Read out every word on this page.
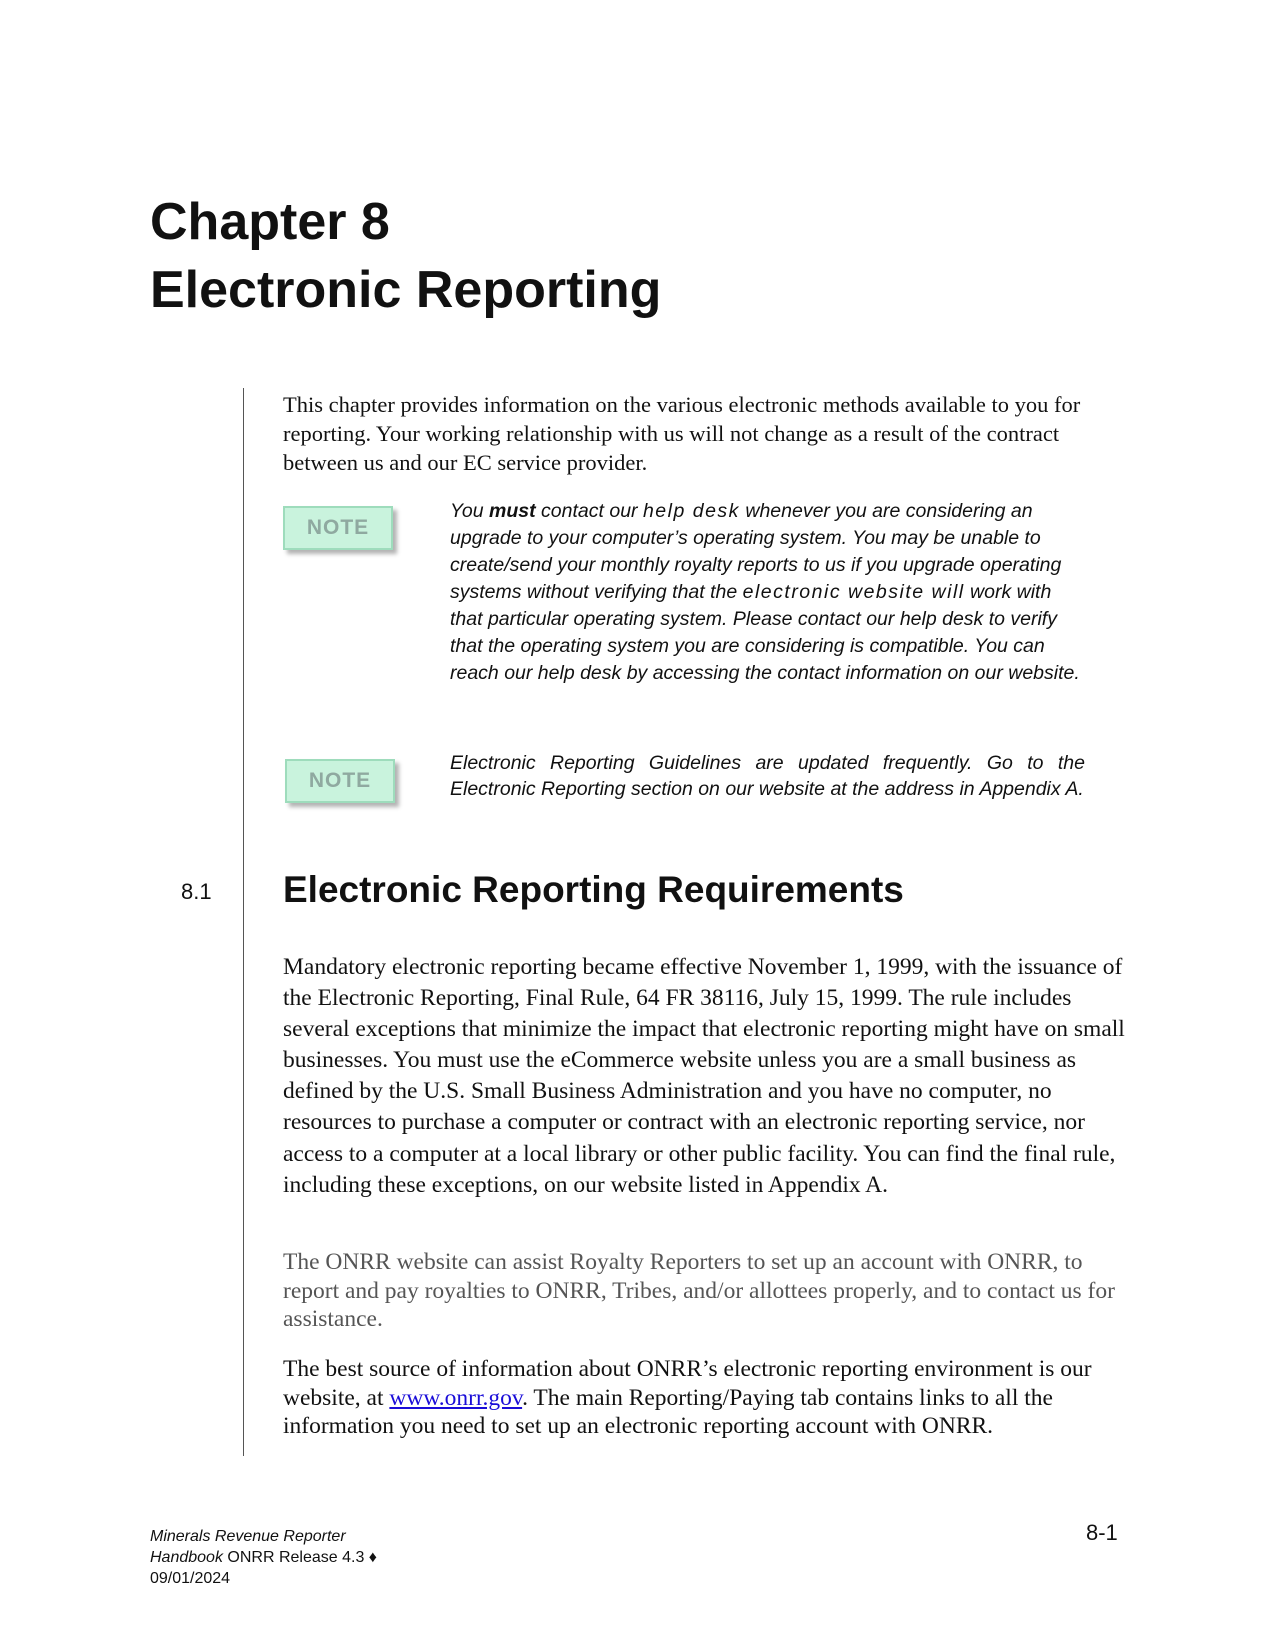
Chapter 8
Electronic Reporting

This chapter provides information on the various electronic methods available to you for reporting. Your working relationship with us will not change as a result of the contract between us and our EC service provider.

NOTE

You must contact our help desk whenever you are considering an upgrade to your computer’s operating system. You may be unable to create/send your monthly royalty reports to us if you upgrade operating systems without verifying that the electronic website will work with that particular operating system. Please contact our help desk to verify that the operating system you are considering is compatible. You can reach our help desk by accessing the contact information on our website.

NOTE

Electronic Reporting Guidelines are updated frequently. Go to the Electronic Reporting section on our website at the address in Appendix A.

8.1 Electronic Reporting Requirements

Mandatory electronic reporting became effective November 1, 1999, with the issuance of the Electronic Reporting, Final Rule, 64 FR 38116, July 15, 1999. The rule includes several exceptions that minimize the impact that electronic reporting might have on small businesses. You must use the eCommerce website unless you are a small business as defined by the U.S. Small Business Administration and you have no computer, no resources to purchase a computer or contract with an electronic reporting service, nor access to a computer at a local library or other public facility. You can find the final rule, including these exceptions, on our website listed in Appendix A.

The ONRR website can assist Royalty Reporters to set up an account with ONRR, to report and pay royalties to ONRR, Tribes, and/or allottees properly, and to contact us for assistance.

The best source of information about ONRR’s electronic reporting environment is our website, at www.onrr.gov. The main Reporting/Paying tab contains links to all the information you need to set up an electronic reporting account with ONRR.

Minerals Revenue Reporter
Handbook ONRR Release 4.3 ♦
09/01/2024

8-1
